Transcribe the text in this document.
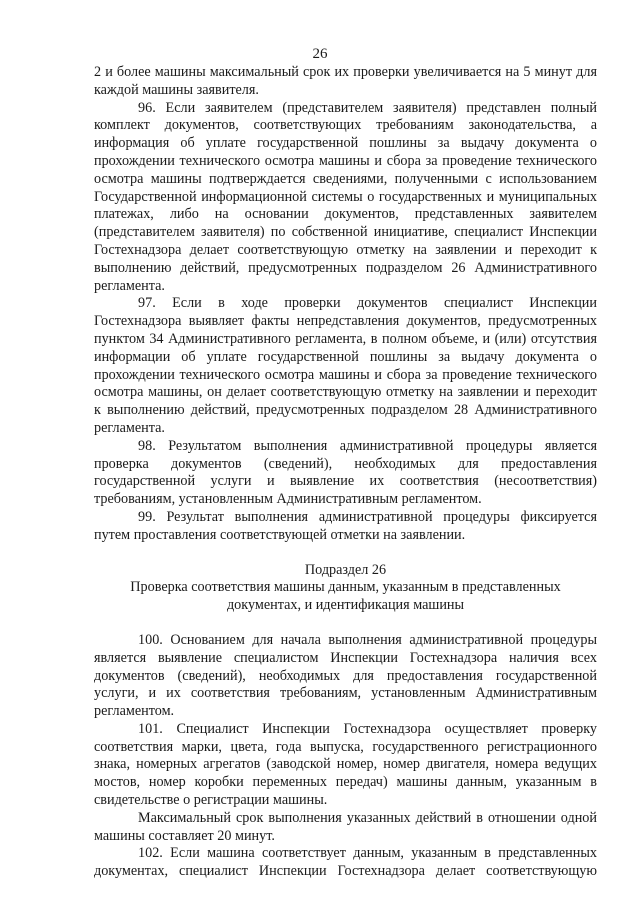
26

2 и более машины максимальный срок их проверки увеличивается на 5 минут для каждой машины заявителя.

96. Если заявителем (представителем заявителя) представлен полный комплект документов, соответствующих требованиям законодательства, а информация об уплате государственной пошлины за выдачу документа о прохождении технического осмотра машины и сбора за проведение технического осмотра машины подтверждается сведениями, полученными с использованием Государственной информационной системы о государственных и муниципальных платежах, либо на основании документов, представленных заявителем (представителем заявителя) по собственной инициативе, специалист Инспекции Гостехнадзора делает соответствующую отметку на заявлении и переходит к выполнению действий, предусмотренных подразделом 26 Административного регламента.

97. Если в ходе проверки документов специалист Инспекции Гостехнадзора выявляет факты непредставления документов, предусмотренных пунктом 34 Административного регламента, в полном объеме, и (или) отсутствия информации об уплате государственной пошлины за выдачу документа о прохождении технического осмотра машины и сбора за проведение технического осмотра машины, он делает соответствующую отметку на заявлении и переходит к выполнению действий, предусмотренных подразделом 28 Административного регламента.

98. Результатом выполнения административной процедуры является проверка документов (сведений), необходимых для предоставления государственной услуги и выявление их соответствия (несоответствия) требованиям, установленным Административным регламентом.

99. Результат выполнения административной процедуры фиксируется путем проставления соответствующей отметки на заявлении.

Подраздел 26

Проверка соответствия машины данным, указанным в представленных

документах, и идентификация машины

100. Основанием для начала выполнения административной процедуры является выявление специалистом Инспекции Гостехнадзора наличия всех документов (сведений), необходимых для предоставления государственной услуги, и их соответствия требованиям, установленным Административным регламентом.

101. Специалист Инспекции Гостехнадзора осуществляет проверку соответствия марки, цвета, года выпуска, государственного регистрационного знака, номерных агрегатов (заводской номер, номер двигателя, номера ведущих мостов, номер коробки переменных передач) машины данным, указанным в свидетельстве о регистрации машины.

Максимальный срок выполнения указанных действий в отношении одной машины составляет 20 минут.

102. Если машина соответствует данным, указанным в представленных документах, специалист Инспекции Гостехнадзора делает соответствующую
